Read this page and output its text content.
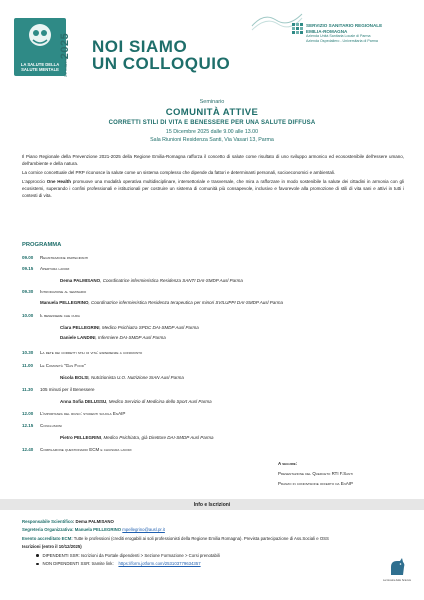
LA SALUTE DELLA SALUTE MENTALE
2025
XV edizione
NOI SIAMO
UN COLLOQUIO
SERVIZIO SANITARIO REGIONALE
EMILIA-ROMAGNA
Azienda Unità Sanitaria Locale di Parma
Azienda Ospedaliero - Universitaria di Parma
Seminario
COMUNITÀ ATTIVE
CORRETTI STILI DI VITA E BENESSERE PER UNA SALUTE DIFFUSA
15 Dicembre 2025 dalle 9.00 alle 13.00
Sala Riunioni Residenza Santi, Via Vasari 13, Parma

Il Piano Regionale della Prevenzione 2021-2025 della Regione Emilia-Romagna rafforza il concetto di salute come risultato di uno sviluppo armonico ed ecosostenibile dell'essere umano, dell'ambiente e della natura.

La cornice concettuale del PRP riconosce la salute come un sistema complesso che dipende da fattori e determinanti personali, socioeconomici e ambientali.

L'approccio One Health promuove una modalità operativa multidisciplinare, intersettoriale e trasversale, che mira a rafforzare in modo sostenibile la salute dei cittadini in armonia con gli ecosistemi, superando i confini professionali e istituzionali per costruire un sistema di comunità più consapevole, inclusivo e favorevole alla promozione di stili di vita sani e attivi in tutti i contesti di vita.

PROGRAMMA
09.00	Registrazione partecipanti
09.15	Apertura lavori
Dema PALMISANO, Coordinatrice infermieristica Residenza SANTI DAI-SMDP Ausl Parma
09.30	Introduzione al seminario
Manuela PELLEGRINO, Coordinatrice infermieristica Residenza terapeutica per minori SVILUPPI DAI-SMDP Ausl Parma
10.00	Il benessere che cura
Clara PELLEGRINI, Medico Psichiatra SPDC DAI-SMDP Ausl Parma
Daniele LANDINI, Infermiere DAI-SMDP Ausl Parma
10.30	La rete dei corretti stili di vita: esperienze a confronto
11.00	Le Comunità "Gas Food"
Nicola BOLSI, Nutrizionista U.O. Nutrizione SIAN Ausl Parma
11.30	105 minuti per il Benessere
Anna Sofia DELUSSU, Medico Servizio di Medicina dello Sport Ausl Parma
12.00	L'importanza del riuso: studenti scuola EnAIP
12.15	Conclusioni
Pietro PELLEGRINI, Medico Psichiatra, già Direttore DAI-SMDP Ausl Parma
12.40	Compilazione questionario ECM e chiusura lavori
A seguire:
Presentazione del Querceto RTI F.Santi
Pranzo in condivisione offerto da EnAIP
Info e Iscrizioni
Responsabile Scientifico: Dema PALMISANO
Segreteria Organizzativa: Manuela PELLEGRINO mpellegrino@ausl.pr.it
Evento accreditato ECM: Tutte le professioni (crediti erogabili ai soli professionisti della Regione Emilia Romagna). Prevista partecipazione di Ass.Sociali e OSS
Iscrizioni (entro il 10/12/2025)
DIPENDENTI SSR: Iscrizioni da Portale dipendenti > Sezione Formazione > Corsi prenotabili
NON DIPENDENTI SSR: tramite link: https://form.jotform.com/253103779634357
La Giostra delle Scienze
